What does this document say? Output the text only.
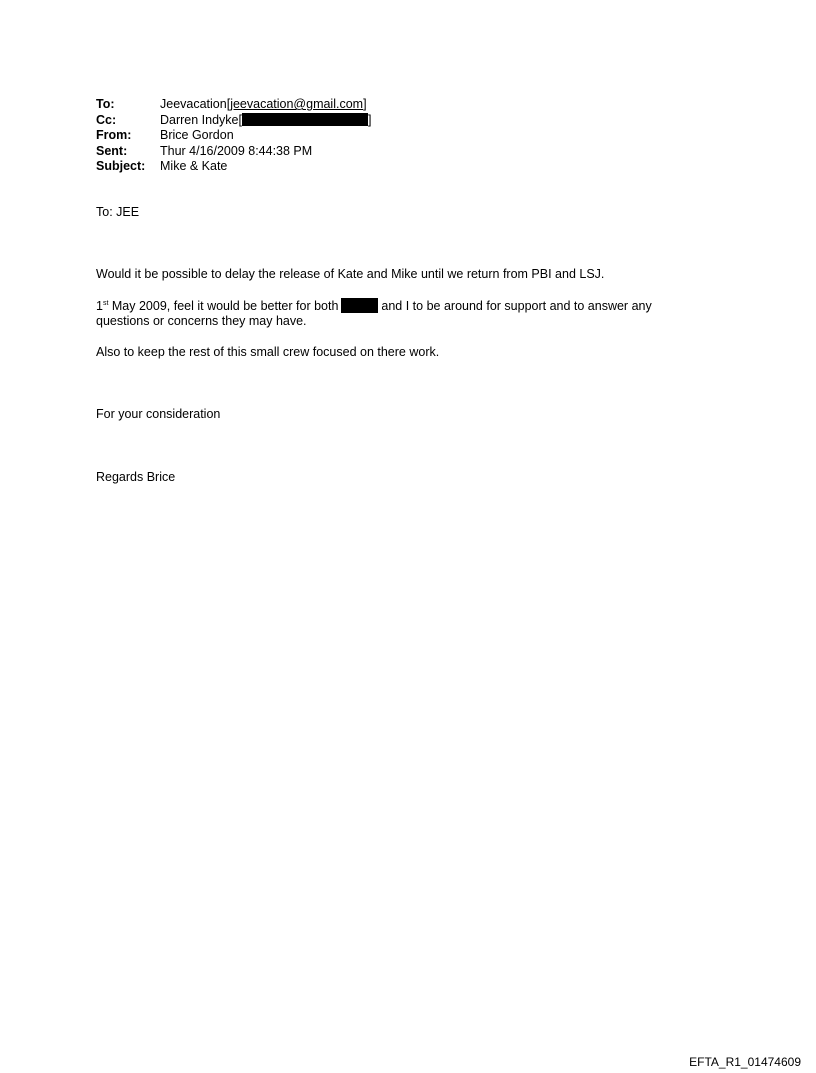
To:	Jeevacation[jeevacation@gmail.com]
Cc:	Darren Indyke[ ]
From:	Brice Gordon
Sent:	Thur 4/16/2009 8:44:38 PM
Subject:	Mike & Kate

To: JEE

Would it be possible to delay the release of Kate and Mike until we return from PBI and LSJ.

1st May 2009, feel it would be better for both	and I to be around for support and to answer any
questions or concerns they may have.

Also to keep the rest of this small crew focused on there work.

For your consideration

Regards Brice

EFTA_R1_01474609
